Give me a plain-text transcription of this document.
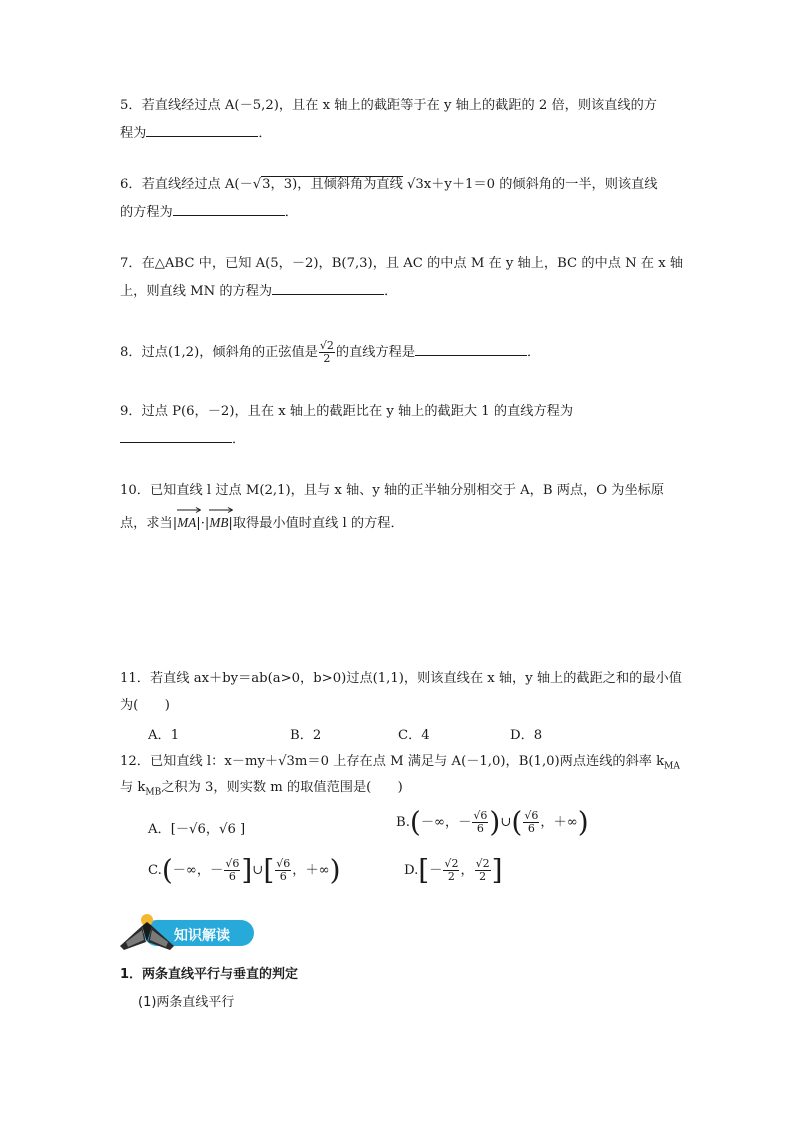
5．若直线经过点 A(－5,2)，且在 x 轴上的截距等于在 y 轴上的截距的 2 倍，则该直线的方
程为	．
6．若直线经过点 A(－√3，3)，且倾斜角为直线 √3x＋y＋1＝0 的倾斜角的一半，则该直线
的方程为	．
7．在△ABC 中，已知 A(5，－2)，B(7,3)，且 AC 的中点 M 在 y 轴上，BC 的中点 N 在 x 轴
上，则直线 MN 的方程为	．
8．过点(1,2)，倾斜角的正弦值是 $\frac{√2}{2}$ 的直线方程是	．
9．过点 P(6，－2)，且在 x 轴上的截距比在 y 轴上的截距大 1 的直线方程为
．
10．已知直线 l 过点 M(2,1)，且与 x 轴、y 轴的正半轴分别相交于 A，B 两点，O 为坐标原
点，求当|
MA|·|
MB|取得最小值时直线 l 的方程．
11．若直线 ax＋by＝ab(a>0，b>0)过点(1,1)，则该直线在 x 轴，y 轴上的截距之和的最小值
为(　　)
A．1	B．2	C．4	D．8
12．已知直线 l：x－my＋√3m＝0 上存在点 M 满足与 A(－1,0)，B(1,0)两点连线的斜率 $k_{MA}$
与 $k_{MB}$之积为 3，则实数 m 的取值范围是(　　)
A．[－√6，√6 ]	B.(－∞，－ $\frac{√6}{6}$ )∪( $\frac{√6}{6}$ ，＋∞)
C.(－∞，－ $\frac{√6}{6}$ ]∪[ $\frac{√6}{6}$ ，＋∞)	$D.[- \frac{√2}{2}$ ， $\frac{√2}{2}$ ]
知识解读
1．两条直线平行与垂直的判定
(1)两条直线平行
